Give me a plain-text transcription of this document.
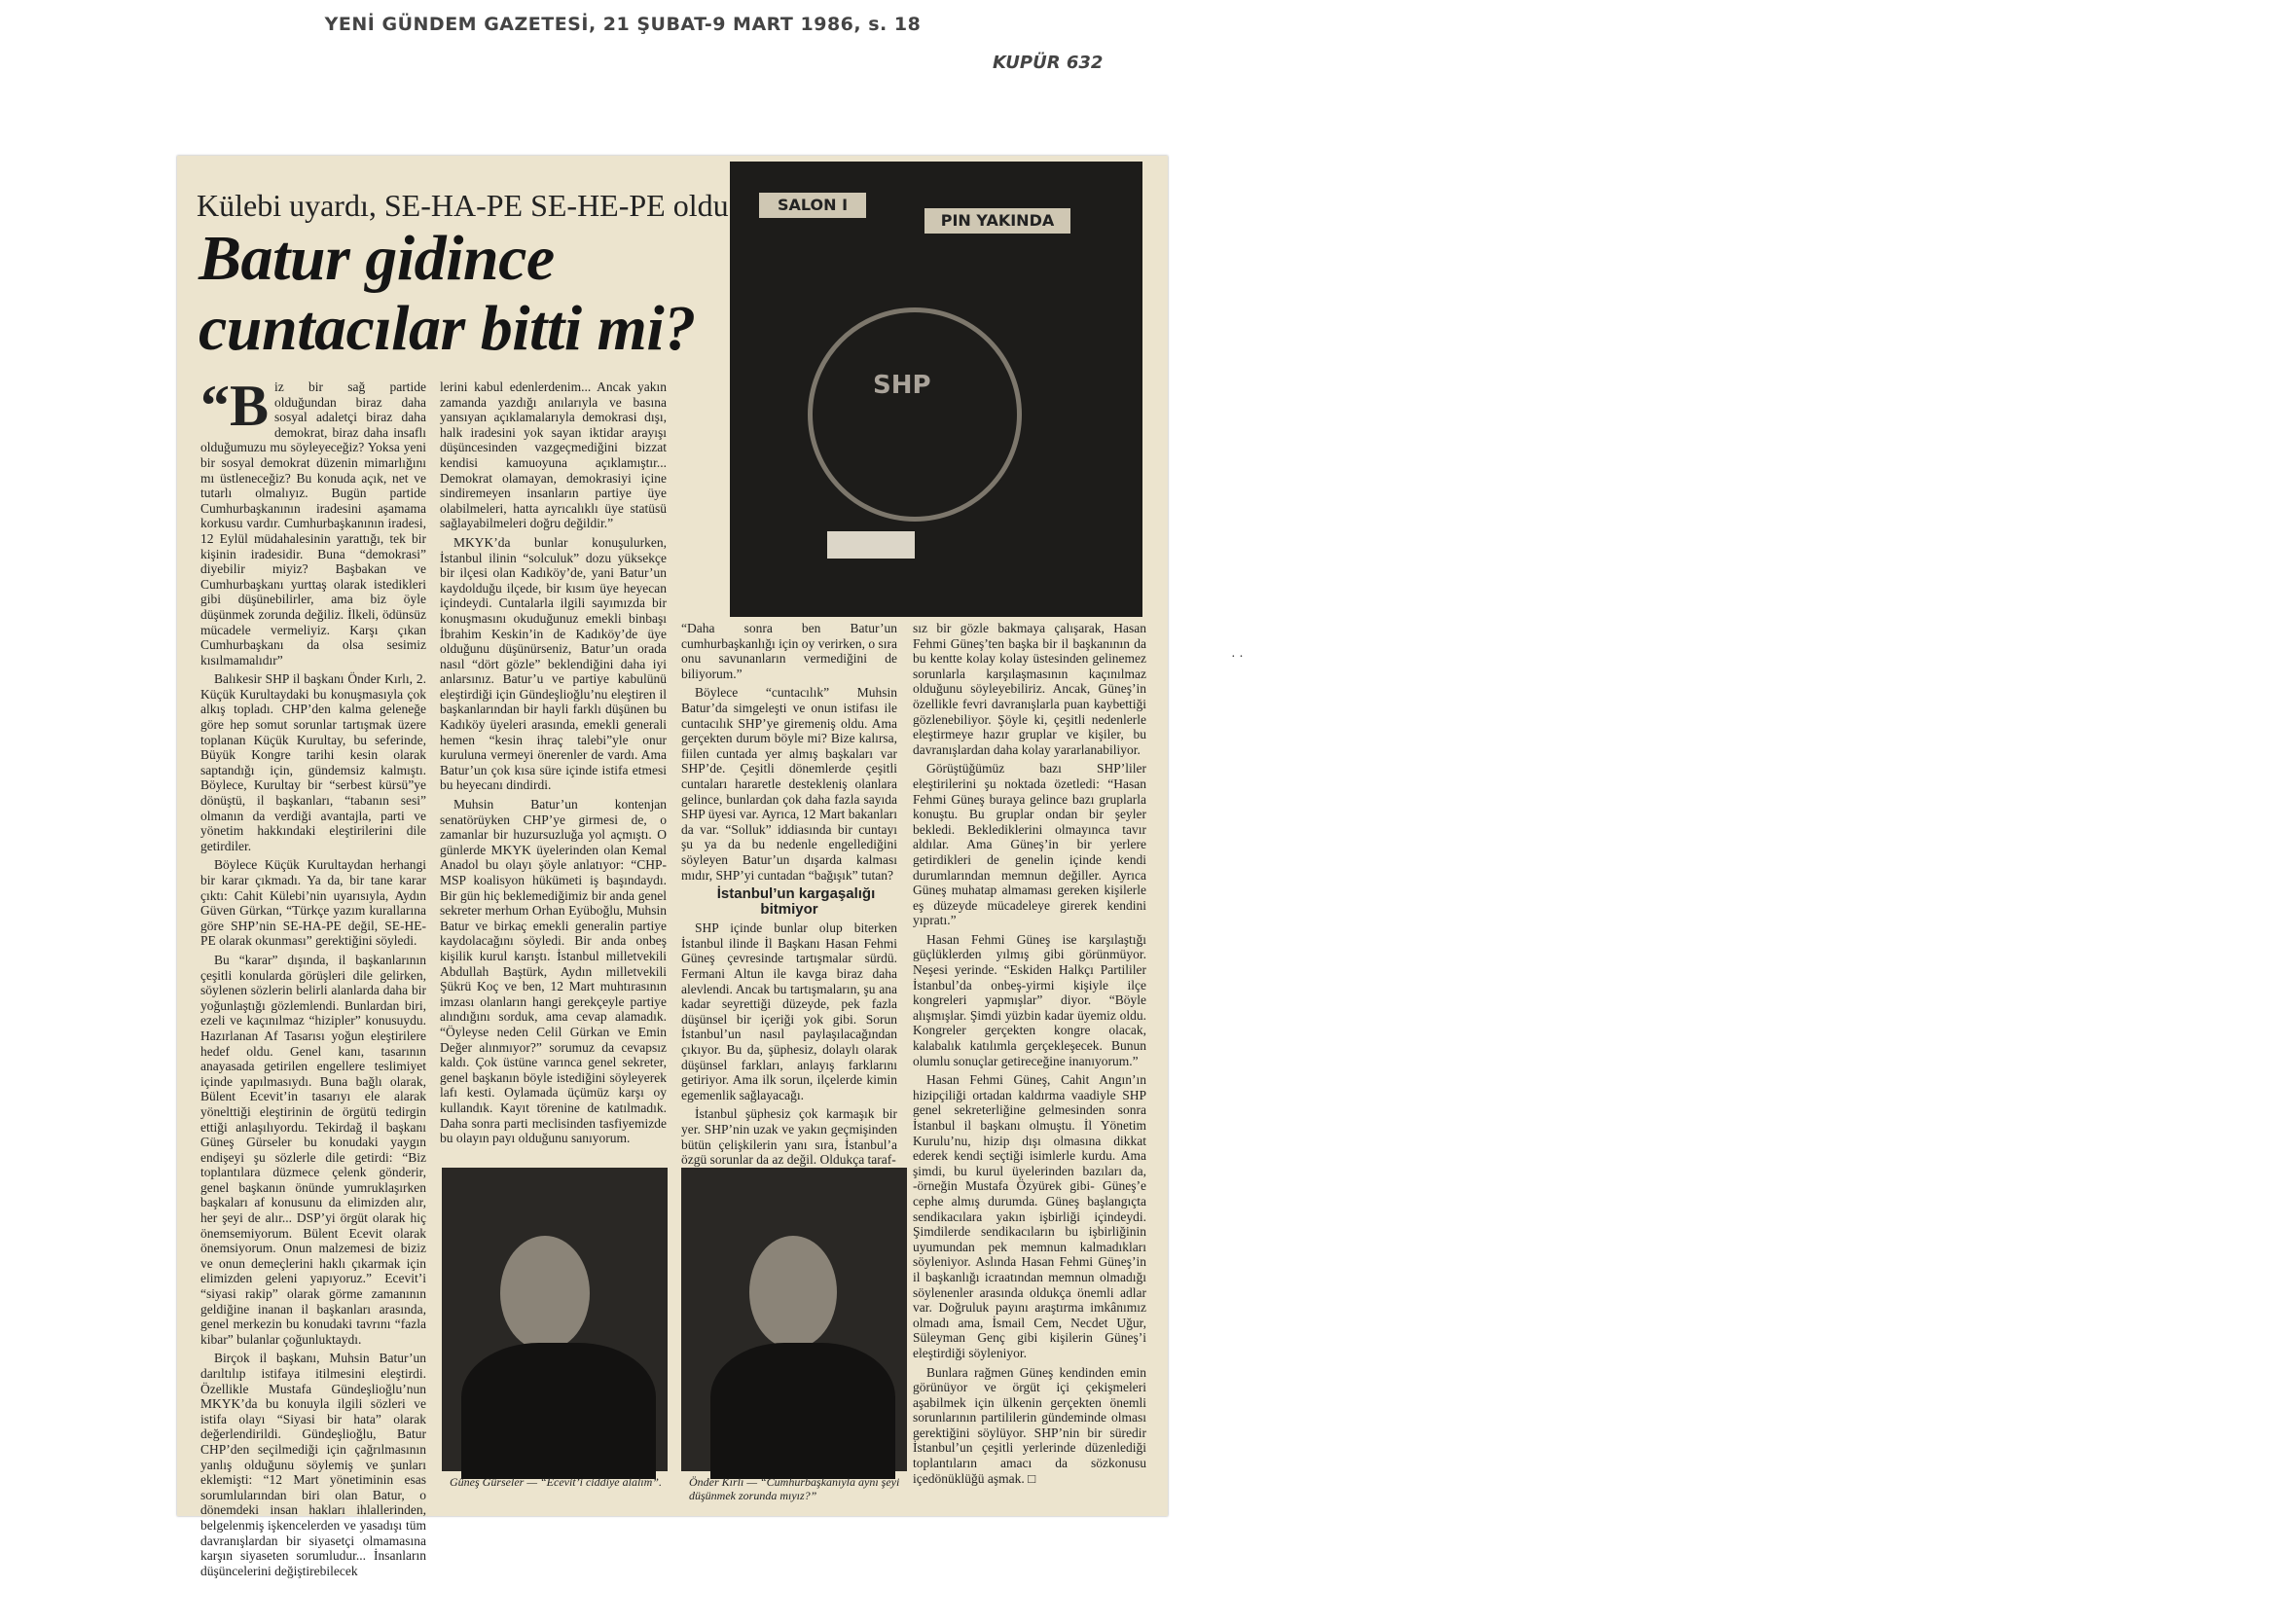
YENİ GÜNDEM GAZETESİ, 21 ŞUBAT-9 MART 1986, s. 18
KUPÜR 632
Külebi uyardı, SE-HA-PE SE-HE-PE oldu
Batur gidince cuntacılar bitti mi?
SALON I
PIN YAKINDA
SHP

“Biz bir sağ partide olduğundan biraz daha sosyal adaletçi biraz daha demokrat, biraz daha insaflı olduğumuzu mu söyleyeceğiz? Yoksa yeni bir sosyal demokrat düzenin mimarlığını mı üstleneceğiz? Bu konuda açık, net ve tutarlı olmalıyız. Bugün partide Cumhurbaşkanının iradesini aşamama korkusu vardır. Cumhurbaşkanının iradesi, 12 Eylül müdahalesinin yarattığı, tek bir kişinin iradesidir. Buna “demokrasi” diyebilir miyiz? Başbakan ve Cumhurbaşkanı yurttaş olarak istedikleri gibi düşünebilirler, ama biz öyle düşünmek zorunda değiliz. İlkeli, ödünsüz mücadele vermeliyiz. Karşı çıkan Cumhurbaşkanı da olsa sesimiz kısılmamalıdır”

Balıkesir SHP il başkanı Önder Kırlı, 2. Küçük Kurultaydaki bu konuşmasıyla çok alkış topladı. CHP’den kalma geleneğe göre hep somut sorunlar tartışmak üzere toplanan Küçük Kurultay, bu seferinde, Büyük Kongre tarihi kesin olarak saptandığı için, gündemsiz kalmıştı. Böylece, Kurultay bir “serbest kürsü”ye dönüştü, il başkanları, “tabanın sesi” olmanın da verdiği avantajla, parti ve yönetim hakkındaki eleştirilerini dile getirdiler.

Böylece Küçük Kurultaydan herhangi bir karar çıkmadı. Ya da, bir tane karar çıktı: Cahit Külebi’nin uyarısıyla, Aydın Güven Gürkan, “Türkçe yazım kurallarına göre SHP’nin SE-HA-PE değil, SE-HE-PE olarak okunması” gerektiğini söyledi.

Bu “karar” dışında, il başkanlarının çeşitli konularda görüşleri dile gelirken, söylenen sözlerin belirli alanlarda daha bir yoğunlaştığı gözlemlendi. Bunlardan biri, ezeli ve kaçınılmaz “hizipler” konusuydu. Hazırlanan Af Tasarısı yoğun eleştirilere hedef oldu. Genel kanı, tasarının anayasada getirilen engellere teslimiyet içinde yapılmasıydı. Buna bağlı olarak, Bülent Ecevit’in tasarıyı ele alarak yönelttiği eleştirinin de örgütü tedirgin ettiği anlaşılıyordu. Tekirdağ il başkanı Güneş Gürseler bu konudaki yaygın endişeyi şu sözlerle dile getirdi: “Biz toplantılara düzmece çelenk gönderir, genel başkanın önünde yumruklaşırken başkaları af konusunu da elimizden alır, her şeyi de alır... DSP’yi örgüt olarak hiç önemsemiyorum. Bülent Ecevit olarak önemsiyorum. Onun malzemesi de biziz ve onun demeçlerini haklı çıkarmak için elimizden geleni yapıyoruz.” Ecevit’i “siyasi rakip” olarak görme zamanının geldiğine inanan il başkanları arasında, genel merkezin bu konudaki tavrını “fazla kibar” bulanlar çoğunluktaydı.

Birçok il başkanı, Muhsin Batur’un darıltılıp istifaya itilmesini eleştirdi. Özellikle Mustafa Gündeşlioğlu’nun MKYK’da bu konuyla ilgili sözleri ve istifa olayı “Siyasi bir hata” olarak değerlendirildi. Gündeşlioğlu, Batur CHP’den seçilmediği için çağrılmasının yanlış olduğunu söylemiş ve şunları eklemişti: “12 Mart yönetiminin esas sorumlularından biri olan Batur, o dönemdeki insan hakları ihlallerinden, belgelenmiş işkencelerden ve yasadışı tüm davranışlardan bir siyasetçi olmamasına karşın siyaseten sorumludur... İnsanların düşüncelerini değiştirebilecek

lerini kabul edenlerdenim... Ancak yakın zamanda yazdığı anılarıyla ve basına yansıyan açıklamalarıyla demokrasi dışı, halk iradesini yok sayan iktidar arayışı düşüncesinden vazgeçmediğini bizzat kendisi kamuoyuna açıklamıştır... Demokrat olamayan, demokrasiyi içine sindiremeyen insanların partiye üye olabilmeleri, hatta ayrıcalıklı üye statüsü sağlayabilmeleri doğru değildir.”

MKYK’da bunlar konuşulurken, İstanbul ilinin “solculuk” dozu yüksekçe bir ilçesi olan Kadıköy’de, yani Batur’un kaydolduğu ilçede, bir kısım üye heyecan içindeydi. Cuntalarla ilgili sayımızda bir konuşmasını okuduğunuz emekli binbaşı İbrahim Keskin’in de Kadıköy’de üye olduğunu düşünürseniz, Batur’un orada nasıl “dört gözle” beklendiğini daha iyi anlarsınız. Batur’u ve partiye kabulünü eleştirdiği için Gündeşlioğlu’nu eleştiren il başkanlarından bir hayli farklı düşünen bu Kadıköy üyeleri arasında, emekli generali hemen “kesin ihraç talebi”yle onur kuruluna vermeyi önerenler de vardı. Ama Batur’un çok kısa süre içinde istifa etmesi bu heyecanı dindirdi.

Muhsin Batur’un kontenjan senatörüyken CHP’ye girmesi de, o zamanlar bir huzursuzluğa yol açmıştı. O günlerde MKYK üyelerinden olan Kemal Anadol bu olayı şöyle anlatıyor: “CHP-MSP koalisyon hükümeti iş başındaydı. Bir gün hiç beklemediğimiz bir anda genel sekreter merhum Orhan Eyüboğlu, Muhsin Batur ve birkaç emekli generalin partiye kaydolacağını söyledi. Bir anda onbeş kişilik kurul karıştı. İstanbul milletvekili Abdullah Baştürk, Aydın milletvekili Şükrü Koç ve ben, 12 Mart muhtırasının imzası olanların hangi gerekçeyle partiye alındığını sorduk, ama cevap alamadık. “Öyleyse neden Celil Gürkan ve Emin Değer alınmıyor?” sorumuz da cevapsız kaldı. Çok üstüne varınca genel sekreter, genel başkanın böyle istediğini söyleyerek lafı kesti. Oylamada üçümüz karşı oy kullandık. Kayıt törenine de katılmadık. Daha sonra parti meclisinden tasfiyemizde bu olayın payı olduğunu sanıyorum.

“Daha sonra ben Batur’un cumhurbaşkanlığı için oy verirken, o sıra onu savunanların vermediğini de biliyorum.”

Böylece “cuntacılık” Muhsin Batur’da simgeleşti ve onun istifası ile cuntacılık SHP’ye giremeniş oldu. Ama gerçekten durum böyle mi? Bize kalırsa, fiilen cuntada yer almış başkaları var SHP’de. Çeşitli dönemlerde çeşitli cuntaları hararetle destekleniş olanlara gelince, bunlardan çok daha fazla sayıda SHP üyesi var. Ayrıca, 12 Mart bakanları da var. “Solluk” iddiasında bir cuntayı şu ya da bu nedenle engellediğini söyleyen Batur’un dışarda kalması mıdır, SHP’yi cuntadan “bağışık” tutan?

İstanbul’un kargaşalığı bitmiyor

SHP içinde bunlar olup biterken İstanbul ilinde İl Başkanı Hasan Fehmi Güneş çevresinde tartışmalar sürdü. Fermani Altun ile kavga biraz daha alevlendi. Ancak bu tartışmaların, şu ana kadar seyrettiği düzeyde, pek fazla düşünsel bir içeriği yok gibi. Sorun İstanbul’un nasıl paylaşılacağından çıkıyor. Bu da, şüphesiz, dolaylı olarak düşünsel farkları, anlayış farklarını getiriyor. Ama ilk sorun, ilçelerde kimin egemenlik sağlayacağı.

İstanbul şüphesiz çok karmaşık bir yer. SHP’nin uzak ve yakın geçmişinden bütün çelişkilerin yanı sıra, İstanbul’a özgü sorunlar da az değil. Oldukça taraf-

sız bir gözle bakmaya çalışarak, Hasan Fehmi Güneş’ten başka bir il başkanının da bu kentte kolay kolay üstesinden gelinemez sorunlarla karşılaşmasının kaçınılmaz olduğunu söyleyebiliriz. Ancak, Güneş’in özellikle fevri davranışlarla puan kaybettiği gözlenebiliyor. Şöyle ki, çeşitli nedenlerle eleştirmeye hazır gruplar ve kişiler, bu davranışlardan daha kolay yararlanabiliyor.

Görüştüğümüz bazı SHP’liler eleştirilerini şu noktada özetledi: “Hasan Fehmi Güneş buraya gelince bazı gruplarla konuştu. Bu gruplar ondan bir şeyler bekledi. Beklediklerini olmayınca tavır aldılar. Ama Güneş’in bir yerlere getirdikleri de genelin içinde kendi durumlarından memnun değiller. Ayrıca Güneş muhatap almaması gereken kişilerle eş düzeyde mücadeleye girerek kendini yıpratı.”

Hasan Fehmi Güneş ise karşılaştığı güçlüklerden yılmış gibi görünmüyor. Neşesi yerinde. “Eskiden Halkçı Partililer İstanbul’da onbeş-yirmi kişiyle ilçe kongreleri yapmışlar” diyor. “Böyle alışmışlar. Şimdi yüzbin kadar üyemiz oldu. Kongreler gerçekten kongre olacak, kalabalık katılımla gerçekleşecek. Bunun olumlu sonuçlar getireceğine inanıyorum.”

Hasan Fehmi Güneş, Cahit Angın’ın hizipçiliği ortadan kaldırma vaadiyle SHP genel sekreterliğine gelmesinden sonra İstanbul il başkanı olmuştu. İl Yönetim Kurulu’nu, hizip dışı olmasına dikkat ederek kendi seçtiği isimlerle kurdu. Ama şimdi, bu kurul üyelerinden bazıları da, -örneğin Mustafa Özyürek gibi- Güneş’e cephe almış durumda. Güneş başlangıçta sendikacılara yakın işbirliği içindeydi. Şimdilerde sendikacıların bu işbirliğinin uyumundan pek memnun kalmadıkları söyleniyor. Aslında Hasan Fehmi Güneş’in il başkanlığı icraatından memnun olmadığı söylenenler arasında oldukça önemli adlar var. Doğruluk payını araştırma imkânımız olmadı ama, İsmail Cem, Necdet Uğur, Süleyman Genç gibi kişilerin Güneş’i eleştirdiği söyleniyor.

Bunlara rağmen Güneş kendinden emin görünüyor ve örgüt içi çekişmeleri aşabilmek için ülkenin gerçekten önemli sorunlarının partililerin gündeminde olması gerektiğini söylüyor. SHP’nin bir süredir İstanbul’un çeşitli yerlerinde düzenlediği toplantıların amacı da sözkonusu içedönüklüğü aşmak. □

Güneş Gürseler — “Ecevit’i ciddiye alalım”. Önder Kırlı — “Cumhurbaşkanıyla aynı şeyi düşünmek zorunda mıyız?”
· ·
